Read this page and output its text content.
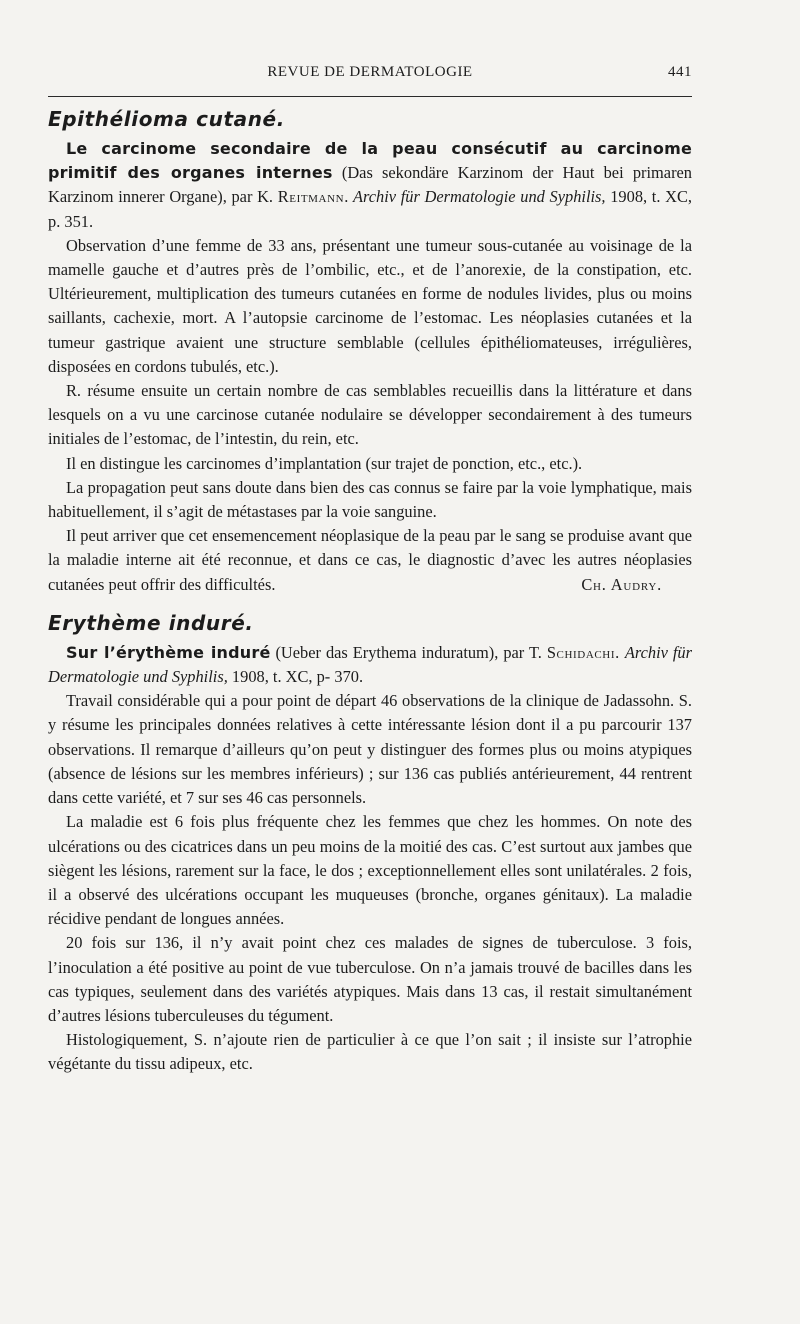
REVUE DE DERMATOLOGIE	441
Epithélioma cutané.

Le carcinome secondaire de la peau consécutif au carcinome primitif des organes internes (Das sekondäre Karzinom der Haut bei primaren Karzinom innerer Organe), par K. Reitmann. Archiv für Dermatologie und Syphilis, 1908, t. XC, p. 351.

Observation d’une femme de 33 ans, présentant une tumeur sous-cutanée au voisinage de la mamelle gauche et d’autres près de l’ombilic, etc., et de l’anorexie, de la constipation, etc. Ultérieurement, multiplication des tumeurs cutanées en forme de nodules livides, plus ou moins saillants, cachexie, mort. A l’autopsie carcinome de l’estomac. Les néoplasies cutanées et la tumeur gastrique avaient une structure semblable (cellules épithéliomateuses, irrégulières, disposées en cordons tubulés, etc.).

R. résume ensuite un certain nombre de cas semblables recueillis dans la littérature et dans lesquels on a vu une carcinose cutanée nodulaire se développer secondairement à des tumeurs initiales de l’estomac, de l’intestin, du rein, etc.

Il en distingue les carcinomes d’implantation (sur trajet de ponction, etc., etc.).

La propagation peut sans doute dans bien des cas connus se faire par la voie lymphatique, mais habituellement, il s’agit de métastases par la voie sanguine.

Il peut arriver que cet ensemencement néoplasique de la peau par le sang se produise avant que la maladie interne ait été reconnue, et dans ce cas, le diagnostic d’avec les autres néoplasies cutanées peut offrir des difficultés.	Ch. Audry.
Erythème induré.

Sur l’érythème induré (Ueber das Erythema induratum), par T. Schidachi. Archiv für Dermatologie und Syphilis, 1908, t. XC, p- 370.

Travail considérable qui a pour point de départ 46 observations de la clinique de Jadassohn. S. y résume les principales données relatives à cette intéressante lésion dont il a pu parcourir 137 observations. Il remarque d’ailleurs qu’on peut y distinguer des formes plus ou moins atypiques (absence de lésions sur les membres inférieurs) ; sur 136 cas publiés antérieurement, 44 rentrent dans cette variété, et 7 sur ses 46 cas personnels.

La maladie est 6 fois plus fréquente chez les femmes que chez les hommes. On note des ulcérations ou des cicatrices dans un peu moins de la moitié des cas. C’est surtout aux jambes que siègent les lésions, rarement sur la face, le dos ; exceptionnellement elles sont unilatérales. 2 fois, il a observé des ulcérations occupant les muqueuses (bronche, organes génitaux). La maladie récidive pendant de longues années.

20 fois sur 136, il n’y avait point chez ces malades de signes de tuberculose. 3 fois, l’inoculation a été positive au point de vue tuberculose. On n’a jamais trouvé de bacilles dans les cas typiques, seulement dans des variétés atypiques. Mais dans 13 cas, il restait simultanément d’autres lésions tuberculeuses du tégument.

Histologiquement, S. n’ajoute rien de particulier à ce que l’on sait ; il insiste sur l’atrophie végétante du tissu adipeux, etc.
